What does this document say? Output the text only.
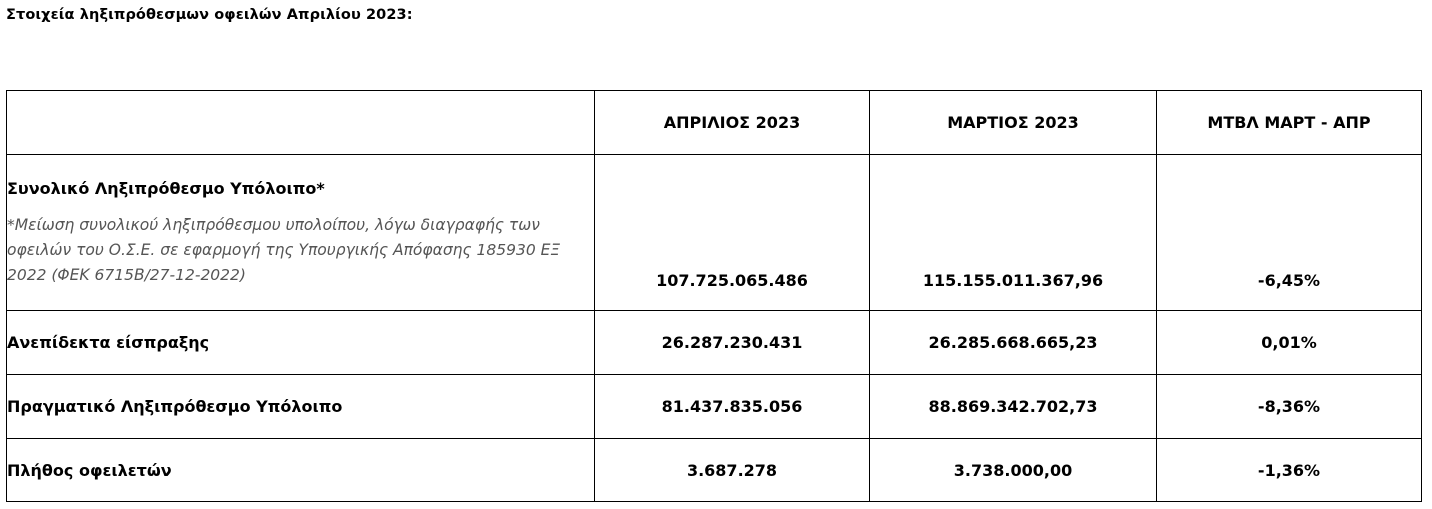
Στοιχεία ληξιπρόθεσμων οφειλών Απριλίου 2023:
	ΑΠΡΙΛΙΟΣ 2023	ΜΑΡΤΙΟΣ 2023	ΜΤΒΛ ΜΑΡΤ - ΑΠΡ

Συνολικό Ληξιπρόθεσμο Υπόλοιπο*
*Μείωση συνολικού ληξιπρόθεσμου υπολοίπου, λόγω διαγραφής των οφειλών του Ο.Σ.Ε. σε εφαρμογή της Υπουργικής Απόφασης 185930 ΕΞ 2022 (ΦΕΚ 6715Β/27-12-2022)	107.725.065.486	115.155.011.367,96	-6,45%
Ανεπίδεκτα είσπραξης	26.287.230.431	26.285.668.665,23	0,01%
Πραγματικό Ληξιπρόθεσμο Υπόλοιπο	81.437.835.056	88.869.342.702,73	-8,36%
Πλήθος οφειλετών	3.687.278	3.738.000,00	-1,36%
